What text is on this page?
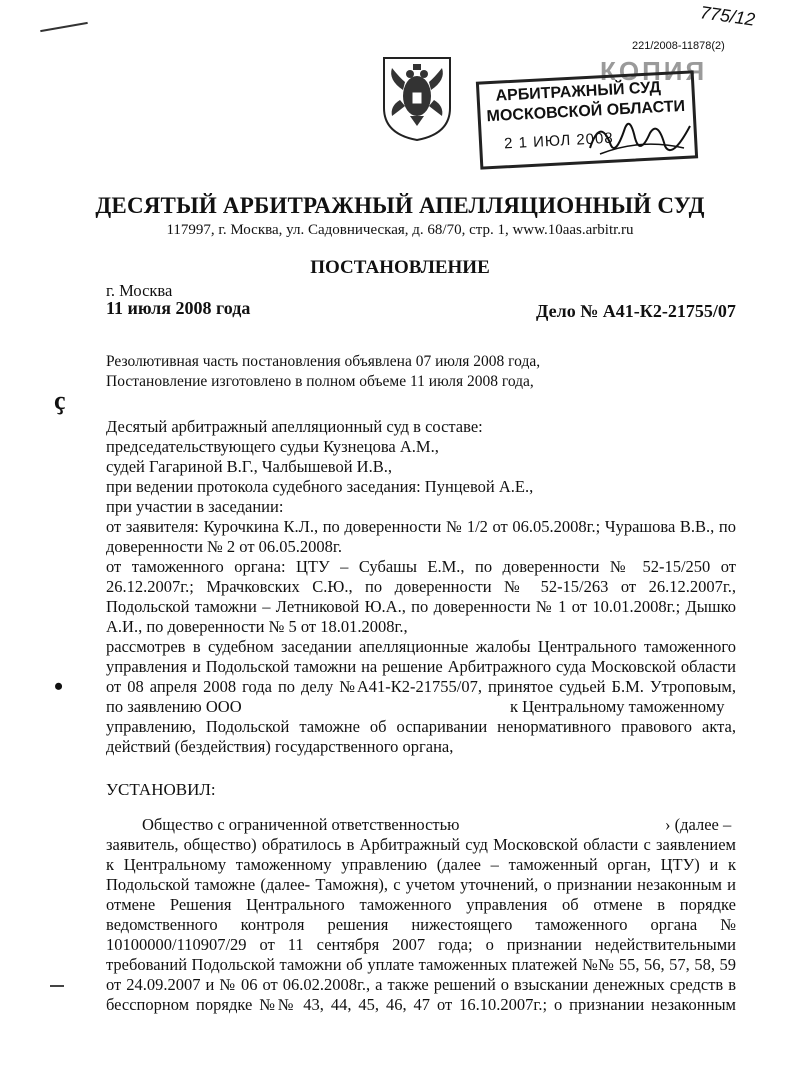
775/12
221/2008-11878(2)
КОПИЯ
АРБИТРАЖНЫЙ СУД
МОСКОВСКОЙ ОБЛАСТИ
2 1 ИЮЛ 2008
ДЕСЯТЫЙ АРБИТРАЖНЫЙ АПЕЛЛЯЦИОННЫЙ СУД
117997, г. Москва, ул. Садовническая, д. 68/70, стр. 1, www.10aas.arbitr.ru
ПОСТАНОВЛЕНИЕ
г. Москва
11 июля 2008 года	Дело № А41-К2-21755/07
Резолютивная часть постановления объявлена 07 июля 2008 года,
Постановление изготовлено в полном объеме 11 июля 2008 года,
ҫ
Десятый арбитражный апелляционный суд в составе:
председательствующего судьи Кузнецова А.М.,
судей Гагариной В.Г., Чалбышевой И.В.,
при ведении протокола судебного заседания: Пунцевой А.Е.,
при участии в заседании:
от заявителя: Курочкина К.Л., по доверенности № 1/2 от 06.05.2008г.; Чурашова В.В., по
доверенности № 2 от 06.05.2008г.
от таможенного органа: ЦТУ – Субашы Е.М., по доверенности № 52-15/250 от
26.12.2007г.; Мрачковских С.Ю., по доверенности № 52-15/263 от 26.12.2007г.,
Подольской таможни – Летниковой Ю.А., по доверенности № 1 от 10.01.2008г.; Дышко
А.И., по доверенности № 5 от 18.01.2008г.,
рассмотрев в судебном заседании апелляционные жалобы Центрального таможенного
управления и Подольской таможни на решение Арбитражного суда Московской области
от 08 апреля 2008 года по делу №А41-К2-21755/07, принятое судьей Б.М. Утроповым,
•
по заявлению ООО	к Центральному таможенному
управлению, Подольской таможне об оспаривании ненормативного правового акта,
действий (бездействия) государственного органа,
УСТАНОВИЛ:
Общество с ограниченной ответственностью	› (далее –
заявитель, общество) обратилось в Арбитражный суд Московской области с заявлением
к Центральному таможенному управлению (далее – таможенный орган, ЦТУ) и к
Подольской таможне (далее- Таможня), с учетом уточнений, о признании незаконным и
отмене Решения Центрального таможенного управления об отмене в порядке
ведомственного контроля решения нижестоящего таможенного органа №
10100000/110907/29 от 11 сентября 2007 года; о признании недействительными
требований Подольской таможни об уплате таможенных платежей №№ 55, 56, 57, 58, 59
от 24.09.2007 и № 06 от 06.02.2008г., а также решений о взыскании денежных средств в
бесспорном порядке №№ 43, 44, 45, 46, 47 от 16.10.2007г.; о признании незаконным
